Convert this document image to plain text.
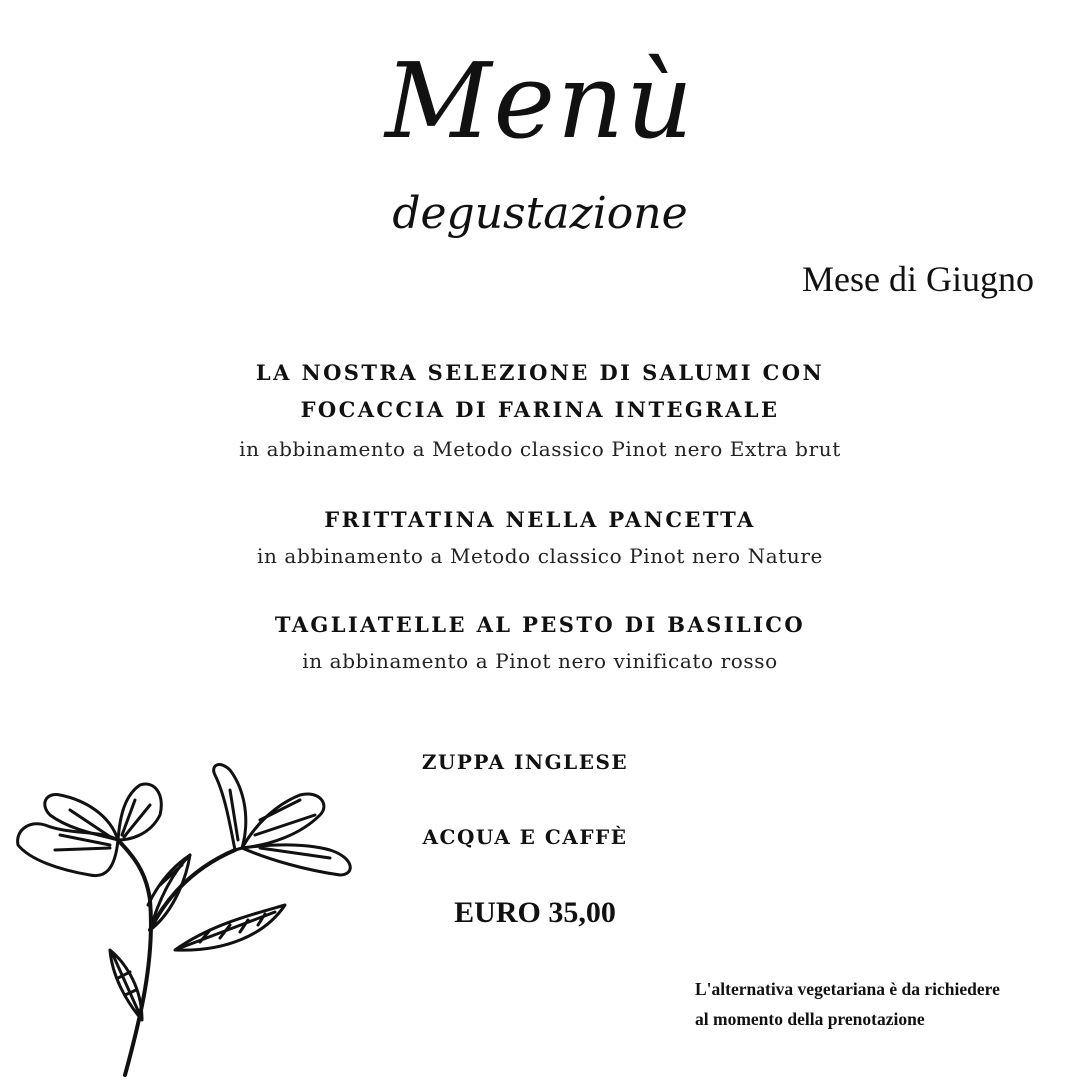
Menù
degustazione
Mese di Giugno
LA NOSTRA SELEZIONE DI SALUMI CON
FOCACCIA DI FARINA INTEGRALE
in abbinamento a Metodo classico Pinot nero Extra brut
FRITTATINA NELLA PANCETTA
in abbinamento a Metodo classico Pinot nero Nature
TAGLIATELLE AL PESTO DI BASILICO
in abbinamento a Pinot nero vinificato rosso
ZUPPA INGLESE
ACQUA E CAFFÈ
EURO 35,00
L'alternativa vegetariana è da richiedere
al momento della prenotazione
